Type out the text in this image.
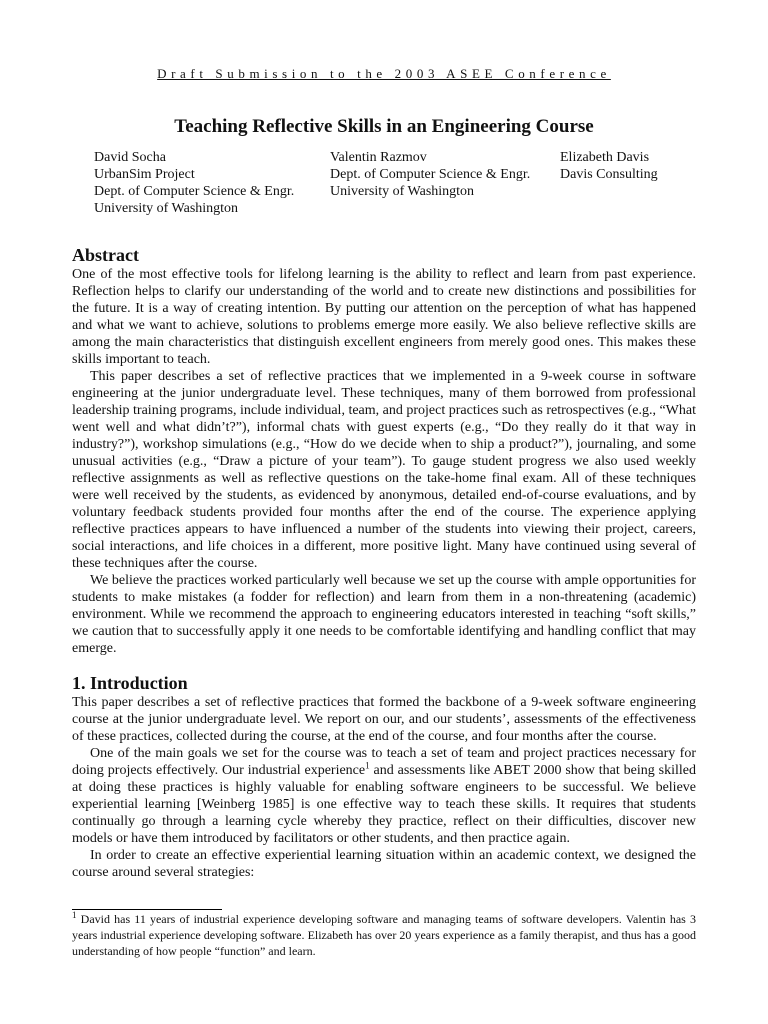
Draft Submission to the 2003 ASEE Conference
Teaching Reflective Skills in an Engineering Course
David Socha
UrbanSim Project
Dept. of Computer Science & Engr.
University of Washington
Valentin Razmov
Dept. of Computer Science & Engr.
University of Washington
Elizabeth Davis
Davis Consulting
Abstract

One of the most effective tools for lifelong learning is the ability to reflect and learn from past experience. Reflection helps to clarify our understanding of the world and to create new distinctions and possibilities for the future. It is a way of creating intention. By putting our attention on the perception of what has happened and what we want to achieve, solutions to problems emerge more easily. We also believe reflective skills are among the main characteristics that distinguish excellent engineers from merely good ones. This makes these skills important to teach.

This paper describes a set of reflective practices that we implemented in a 9-week course in software engineering at the junior undergraduate level. These techniques, many of them borrowed from professional leadership training programs, include individual, team, and project practices such as retrospectives (e.g., “What went well and what didn’t?”), informal chats with guest experts (e.g., “Do they really do it that way in industry?”), workshop simulations (e.g., “How do we decide when to ship a product?”), journaling, and some unusual activities (e.g., “Draw a picture of your team”). To gauge student progress we also used weekly reflective assignments as well as reflective questions on the take-home final exam. All of these techniques were well received by the students, as evidenced by anonymous, detailed end-of-course evaluations, and by voluntary feedback students provided four months after the end of the course. The experience applying reflective practices appears to have influenced a number of the students into viewing their project, careers, social interactions, and life choices in a different, more positive light. Many have continued using several of these techniques after the course.

We believe the practices worked particularly well because we set up the course with ample opportunities for students to make mistakes (a fodder for reflection) and learn from them in a non-threatening (academic) environment. While we recommend the approach to engineering educators interested in teaching “soft skills,” we caution that to successfully apply it one needs to be comfortable identifying and handling conflict that may emerge.

1. Introduction

This paper describes a set of reflective practices that formed the backbone of a 9-week software engineering course at the junior undergraduate level. We report on our, and our students’, assessments of the effectiveness of these practices, collected during the course, at the end of the course, and four months after the course.

One of the main goals we set for the course was to teach a set of team and project practices necessary for doing projects effectively. Our industrial experience$^1$ and assessments like ABET 2000 show that being skilled at doing these practices is highly valuable for enabling software engineers to be successful. We believe experiential learning [Weinberg 1985] is one effective way to teach these skills. It requires that students continually go through a learning cycle whereby they practice, reflect on their difficulties, discover new models or have them introduced by facilitators or other students, and then practice again.

In order to create an effective experiential learning situation within an academic context, we designed the course around several strategies:

$^1$ David has 11 years of industrial experience developing software and managing teams of software developers. Valentin has 3 years industrial experience developing software. Elizabeth has over 20 years experience as a family therapist, and thus has a good understanding of how people “function” and learn.
